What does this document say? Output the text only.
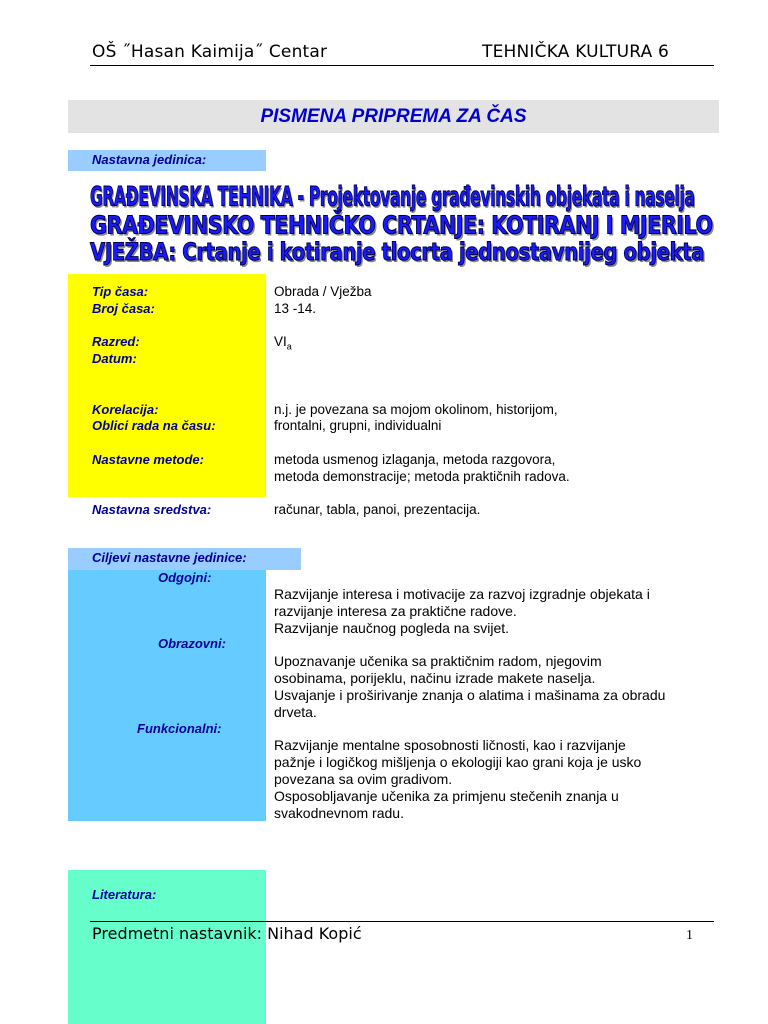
OŠ ˝Hasan Kaimija˝ Centar	TEHNIČKA KULTURA 6
PISMENA PRIPREMA ZA ČAS
Nastavna jedinica:
GRAĐEVINSKA TEHNIKA - Projektovanje građevinskih objekata i naselja
GRAĐEVINSKO TEHNIČKO CRTANJE: KOTIRANJ I MJERILO
VJEŽBA: Crtanje i kotiranje tlocrta jednostavnijeg objekta
Tip časa:	Obrada / Vježba
Broj časa:	13 -14.
Razred:	$VI_a$
Datum:
Korelacija:	n.j. je povezana sa mojom okolinom, historijom,
Oblici rada na času:	frontalni, grupni, individualni
Nastavne metode:	metoda usmenog izlaganja, metoda razgovora,
metoda demonstracije; metoda praktičnih radova.
Nastavna sredstva:	računar, tabla, panoi, prezentacija.
Ciljevi nastavne jedinice:
Odgojni:

Razvijanje interesa i motivacije za razvoj izgradnje objekata i

razvijanje interesa za praktične radove.

Razvijanje naučnog pogleda na svijet.

Obrazovni:

Upoznavanje učenika sa praktičnim radom, njegovim

osobinama, porijeklu, načinu izrade makete naselja.

Usvajanje i proširivanje znanja o alatima i mašinama za obradu

drveta.

Funkcionalni:

Razvijanje mentalne sposobnosti ličnosti, kao i razvijanje

pažnje i logičkog mišljenja o ekologiji kao grani koja je usko

povezana sa ovim gradivom.

Osposobljavanje učenika za primjenu stečenih znanja u

svakodnevnom radu.

Literatura:
Predmetni nastavnik: Nihad Kopić	1
